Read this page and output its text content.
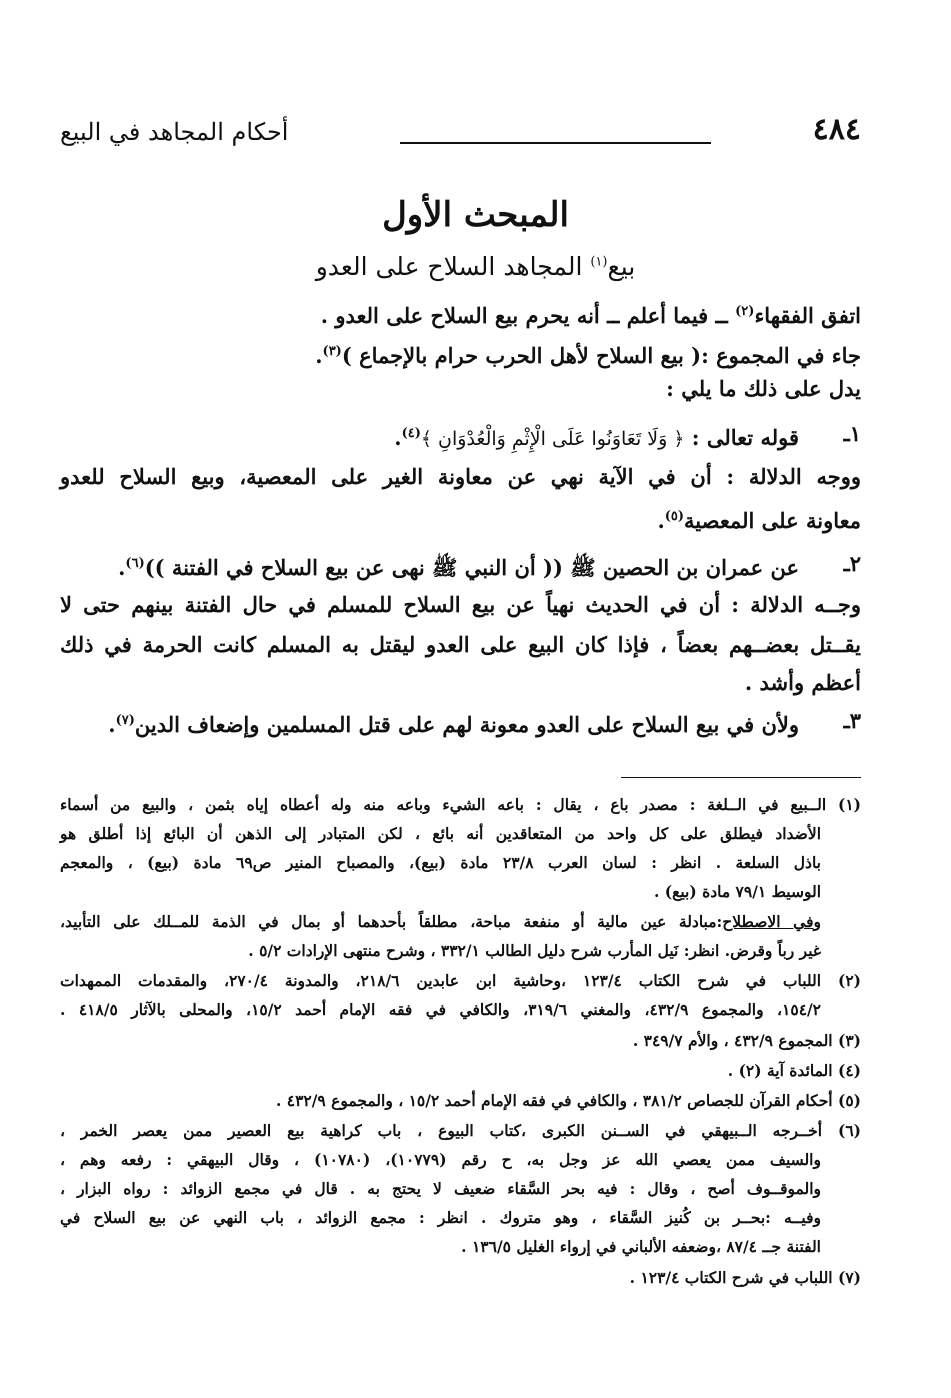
٤٨٤
أحكام المجاهد في البيع
المبحث الأول
بيع$^{(١)}$ المجاهد السلاح على العدو
اتفق الفقهاء$^{(٢)}$ ــ فيما أعلم ــ أنه يحرم بيع السلاح على العدو .
جاء في المجموع :( بيع السلاح لأهل الحرب حرام بالإجماع )$^{(٣)}$.
يدل على ذلك ما يلي :
١ـ
قوله تعالى : ﴿ وَلَا تَعَاوَنُوا عَلَى الْإِثْمِ وَالْعُدْوَانِ ﴾$^{(٤)}$.
ووجه الدلالة : أن في الآية نهي عن معاونة الغير على المعصية، وبيع السلاح للعدو
معاونة على المعصية$^{(٥)}$.
٢ـ
عن عمران بن الحصين ﷺ (( أن النبي ﷺ نهى عن بيع السلاح في الفتنة ))$^{(٦)}$.
وجــه الدلالة : أن في الحديث نهياً عن بيع السلاح للمسلم في حال الفتنة بينهم حتى لا
يقــتل بعضــهم بعضاً ، فإذا كان البيع على العدو ليقتل به المسلم كانت الحرمة في ذلك
أعظم وأشد .
٣ـ
ولأن في بيع السلاح على العدو معونة لهم على قتل المسلمين وإضعاف الدين$^{(٧)}$.
(١) الــبيع في الــلغة : مصدر باع ، يقال : باعه الشيء وباعه منه وله أعطاه إياه بثمن ، والبيع من أسماء
الأضداد فيطلق على كل واحد من المتعاقدين أنه بائع ، لكن المتبادر إلى الذهن أن البائع إذا أطلق هو
باذل السلعة . انظر : لسان العرب ٢٣/٨ مادة (بيع)، والمصباح المنير ص٦٩ مادة (بيع) ، والمعجم
الوسيط ٧٩/١ مادة (بيع) .
وفي الاصطلاح:مبادلة عين مالية أو منفعة مباحة، مطلقاً بأحدهما أو بمال في الذمة للمــلك على التأبيد،
غير رباً وقرض. انظر: نَيل المأرب شرح دليل الطالب ٣٣٢/١ ، وشرح منتهى الإرادات ٥/٢ .
(٢) اللباب في شرح الكتاب ١٢٣/٤ ،وحاشية ابن عابدين ٢١٨/٦، والمدونة ٢٧٠/٤، والمقدمات الممهدات
١٥٤/٢، والمجموع ٤٣٢/٩، والمغني ٣١٩/٦، والكافي في فقه الإمام أحمد ١٥/٢، والمحلى بالآثار ٤١٨/٥ .
(٣) المجموع ٤٣٢/٩ ، والأم ٣٤٩/٧ .
(٤) المائدة آية (٢) .
(٥) أحكام القرآن للجصاص ٣٨١/٢ ، والكافي في فقه الإمام أحمد ١٥/٢ ، والمجموع ٤٣٢/٩ .
(٦) أخــرجه الــبيهقي في الســنن الكبرى ،كتاب البيوع ، باب كراهية بيع العصير ممن يعصر الخمر ،
والسيف ممن يعصي الله عز وجل به، ح رقم (١٠٧٧٩)، (١٠٧٨٠) ، وقال البيهقي : رفعه وهم ،
والموقــوف أصح ، وقال : فيه بحر السَّقاء ضعيف لا يحتج به . قال في مجمع الزوائد : رواه البزار ،
وفيــه :بحــر بن كُنيز السَّقاء ، وهو متروك . انظر : مجمع الزوائد ، باب النهي عن بيع السلاح في
الفتنة جــ ٨٧/٤ ،وضعفه الألباني في إرواء الغليل ١٣٦/٥ .
(٧) اللباب في شرح الكتاب ١٢٣/٤ .
